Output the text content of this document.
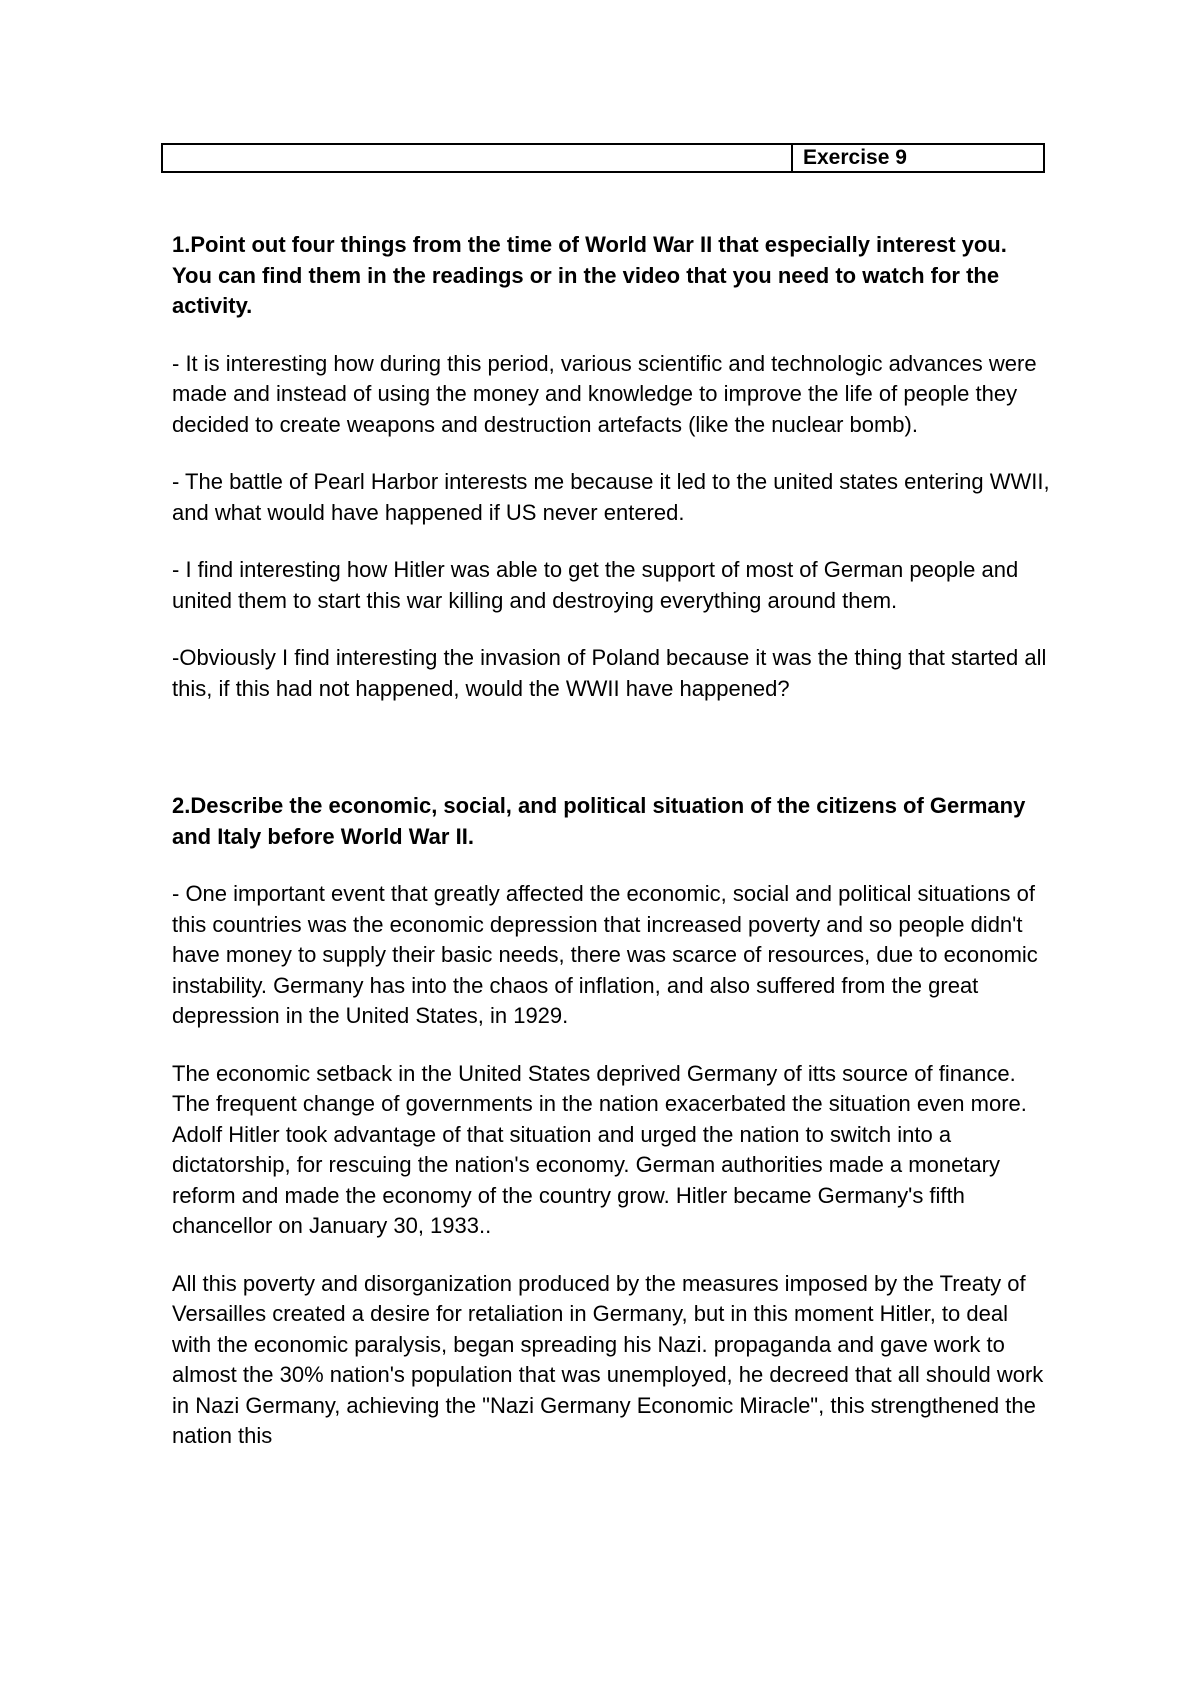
Exercise 9

1.Point out four things from the time of World War II that especially interest you. You can find them in the readings or in the video that you need to watch for the activity.

- It is interesting how during this period, various scientific and technologic advances were made and instead of using the money and knowledge to improve the life of people they decided to create weapons and destruction artefacts (like the nuclear bomb).

- The battle of Pearl Harbor interests me because it led to the united states entering WWII, and what would have happened if US never entered.

- I find interesting how Hitler was able to get the support of most of German people and united them to start this war killing and destroying everything around them.

-Obviously I find interesting the invasion of Poland because it was the thing that started all this, if this had not happened, would the WWII have happened?

2.Describe the economic, social, and political situation of the citizens of Germany and Italy before World War II.

- One important event that greatly affected the economic, social and political situations of this countries was the economic depression that increased poverty and so people didn't have money to supply their basic needs, there was scarce of resources, due to economic instability. Germany has into the chaos of inflation, and also suffered from the great depression in the United States, in 1929.

The economic setback in the United States deprived Germany of itts source of finance. The frequent change of governments in the nation exacerbated the situation even more. Adolf Hitler took advantage of that situation and urged the nation to switch into a dictatorship, for rescuing the nation's economy. German authorities made a monetary reform and made the economy of the country grow. Hitler became Germany's fifth chancellor on January 30, 1933..

All this poverty and disorganization produced by the measures imposed by the Treaty of Versailles created a desire for retaliation in Germany, but in this moment Hitler, to deal with the economic paralysis, began spreading his Nazi. propaganda and gave work to almost the 30% nation's population that was unemployed, he decreed that all should work in Nazi Germany, achieving the "Nazi Germany Economic Miracle", this strengthened the nation this
